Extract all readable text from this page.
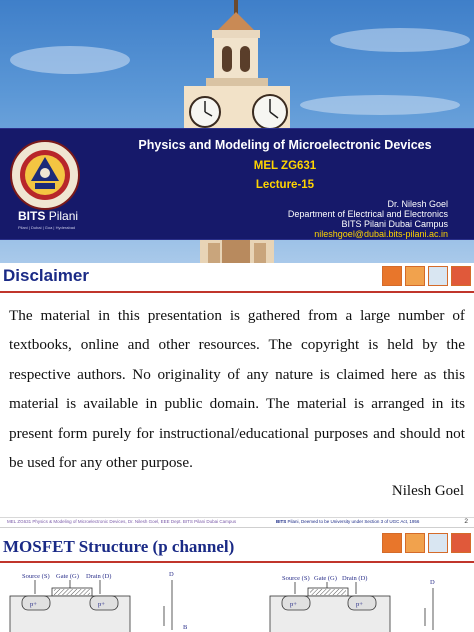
BITS Pilani
Pilani | Dubai | Goa | Hyderabad
Physics and Modeling of Microelectronic Devices
MEL ZG631
Lecture-15
Dr. Nilesh Goel
Department of Electrical and Electronics
BITS Pilani Dubai Campus
nileshgoel@dubai.bits-pilani.ac.in
Disclaimer
The material in this presentation is gathered from a large number of textbooks, online and other resources. The copyright is held by the respective authors. No originality of any nature is claimed here as this material is available in public domain. The material is arranged in its present form purely for instructional/educational purposes and should not be used for any other purpose.
Nilesh Goel
MEL ZG631 Physics & Modeling of Microelectronic Devices, Dr. Nilesh Goel, EEE Dept. BITS Pilani Dubai Campus	BITS Pilani, Deemed to be University under Section 3 of UGC Act, 1956	2
MOSFET Structure (p channel)
Source (S) Gate (G) Drain (D)
p+	p+
D
B
Source (S) Gate (G) Drain (D)
p+	p+
D
